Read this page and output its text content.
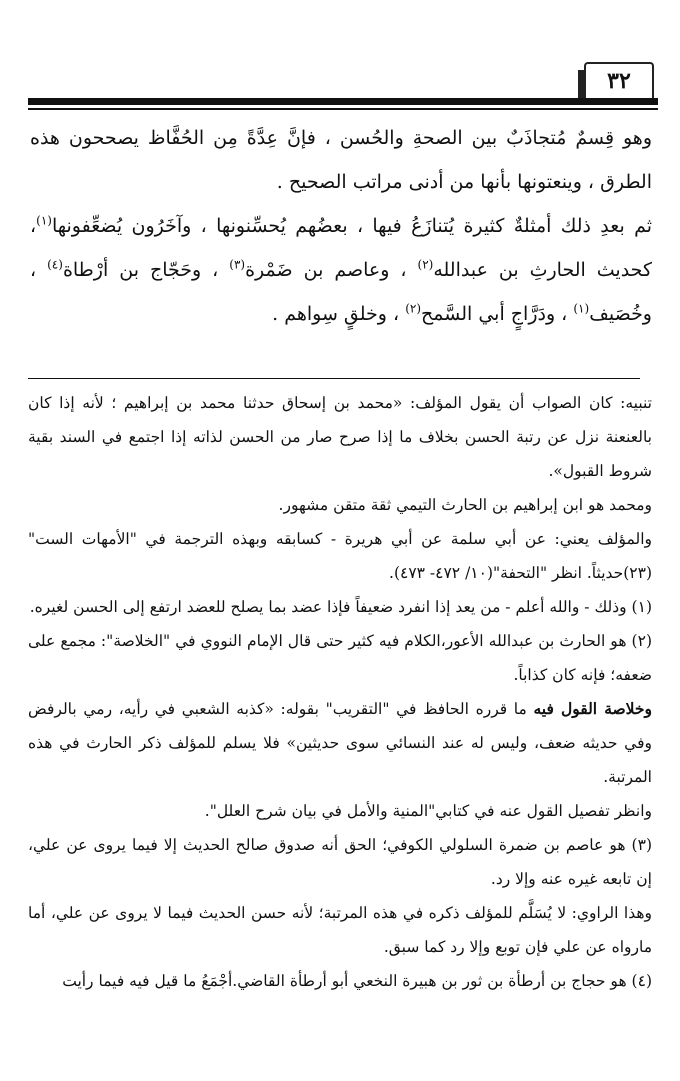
٣٢

وهو قِسمٌ مُتجاذَبٌ بين الصحةِ والحُسن ، فإنَّ عِدَّةً مِن الحُفَّاظ يصححون هذه الطرق ، وينعتونها بأنها من أدنى مراتب الصحيح .

ثم بعدِ ذلك أمثلةٌ كثيرة يُتنازَعُ فيها ، بعضُهم يُحسِّنونها ، وآخَرُون يُضعِّفونها$^{(١)}$، كحديث الحارثِ بن عبدالله$^{(٢)}$ ، وعاصم بن ضَمْرة$^{(٣)}$ ، وحَجّاج بن أرْطاة$^{(٤)}$ ، وخُصَيف$^{(١)}$ ، ودَرَّاجٍ أبي السَّمح$^{(٢)}$ ، وخلقٍ سِواهم .

تنبيه: كان الصواب أن يقول المؤلف: «محمد بن إسحاق حدثنا محمد بن إبراهيم ؛ لأنه إذا كان بالعنعنة نزل عن رتبة الحسن بخلاف ما إذا صرح صار من الحسن لذاته إذا اجتمع في السند بقية شروط القبول».

ومحمد هو ابن إبراهيم بن الحارث التيمي ثقة متقن مشهور.

والمؤلف يعني: عن أبي سلمة عن أبي هريرة - كسابقه وبهذه الترجمة في "الأمهات الست"(٢٣)حديثاً. انظر "التحفة"(١٠/ ٤٧٢- ٤٧٣).

(١) وذلك - والله أعلم - من يعد إذا انفرد ضعيفاً فإذا عضد بما يصلح للعضد ارتفع إلى الحسن لغيره.

(٢) هو الحارث بن عبدالله الأعور،الكلام فيه كثير حتى قال الإمام النووي في "الخلاصة": مجمع على ضعفه؛ فإنه كان كذاباً.

وخلاصة القول فيه ما قرره الحافظ في "التقريب" بقوله: «كذبه الشعبي في رأيه، رمي بالرفض وفي حديثه ضعف، وليس له عند النسائي سوى حديثين» فلا يسلم للمؤلف ذكر الحارث في هذه المرتبة.

وانظر تفصيل القول عنه في كتابي"المنية والأمل في بيان شرح العلل".

(٣) هو عاصم بن ضمرة السلولي الكوفي؛ الحق أنه صدوق صالح الحديث إلا فيما يروى عن علي، إن تابعه غيره عنه وإلا رد.

وهذا الراوي: لا يُسَلَّم للمؤلف ذكره في هذه المرتبة؛ لأنه حسن الحديث فيما لا يروى عن علي، أما مارواه عن علي فإن توبع وإلا رد كما سبق.

(٤) هو حجاج بن أرطأة بن ثور بن هبيرة النخعي أبو أرطأة القاضي.أجْمَعُ ما قيل فيه فيما رأيت
